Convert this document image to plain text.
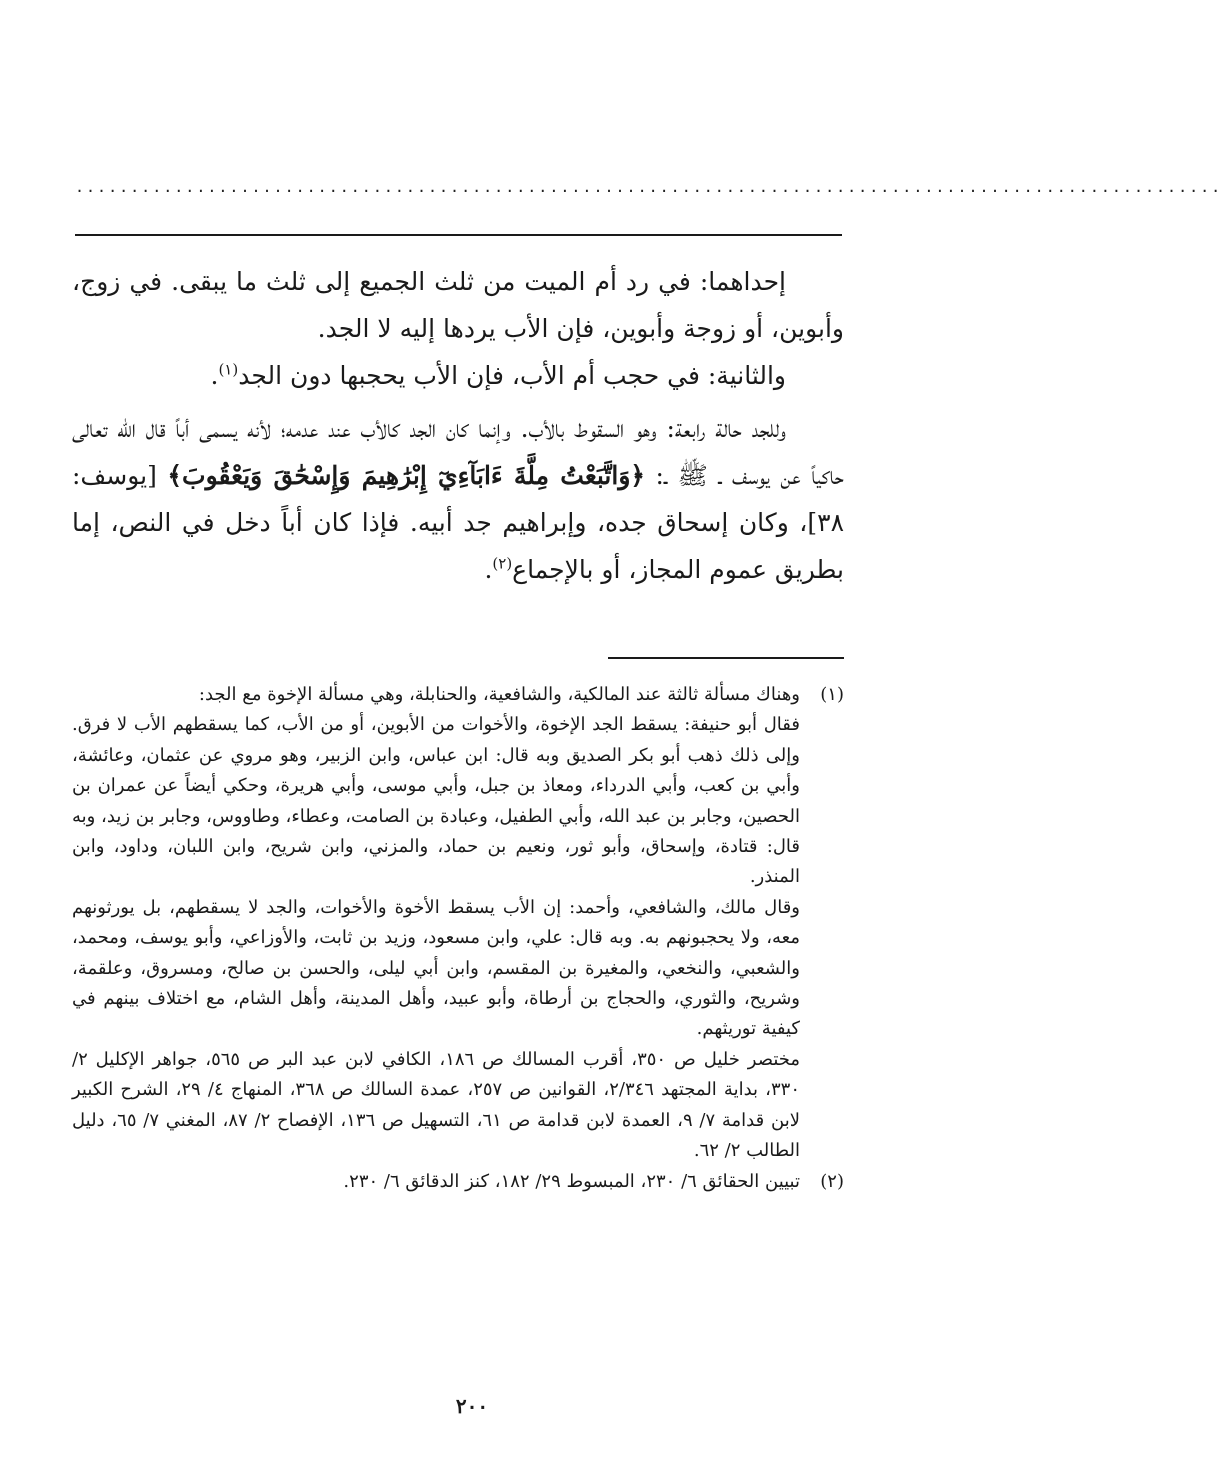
........................................................................................................

إحداهما: في رد أم الميت من ثلث الجميع إلى ثلث ما يبقى. في زوج، وأبوين، أو زوجة وأبوين، فإن الأب يردها إليه لا الجد.

والثانية: في حجب أم الأب، فإن الأب يحجبها دون الجد$^{(١)}$.

وللجد حالة رابعة: وهو السقوط بالأب. وإنما كان الجد كالأب عند عدمه؛ لأنه يسمى أباً قال الله تعالى حاكياً عن يوسف ـ ﷺ ـ: ﴿وَاتَّبَعْتُ مِلَّةَ ءَابَآءِيٓ إِبْرَٰهِيمَ وَإِسْحَٰقَ وَيَعْقُوبَ﴾ [يوسف: ٣٨]، وكان إسحاق جده، وإبراهيم جد أبيه. فإذا كان أباً دخل في النص، إما بطريق عموم المجاز، أو بالإجماع$^{(٢)}$.

(١)

وهناك مسألة ثالثة عند المالكية، والشافعية، والحنابلة، وهي مسألة الإخوة مع الجد:

فقال أبو حنيفة: يسقط الجد الإخوة، والأخوات من الأبوين، أو من الأب، كما يسقطهم الأب لا فرق. وإلى ذلك ذهب أبو بكر الصديق وبه قال: ابن عباس، وابن الزبير، وهو مروي عن عثمان، وعائشة، وأبي بن كعب، وأبي الدرداء، ومعاذ بن جبل، وأبي موسى، وأبي هريرة، وحكي أيضاً عن عمران بن الحصين، وجابر بن عبد الله، وأبي الطفيل، وعبادة بن الصامت، وعطاء، وطاووس، وجابر بن زيد، وبه قال: قتادة، وإسحاق، وأبو ثور، ونعيم بن حماد، والمزني، وابن شريح، وابن اللبان، وداود، وابن المنذر.

وقال مالك، والشافعي، وأحمد: إن الأب يسقط الأخوة والأخوات، والجد لا يسقطهم، بل يورثونهم معه، ولا يحجبونهم به. وبه قال: علي، وابن مسعود، وزيد بن ثابت، والأوزاعي، وأبو يوسف، ومحمد، والشعبي، والنخعي، والمغيرة بن المقسم، وابن أبي ليلى، والحسن بن صالح، ومسروق، وعلقمة، وشريح، والثوري، والحجاج بن أرطاة، وأبو عبيد، وأهل المدينة، وأهل الشام، مع اختلاف بينهم في كيفية توريثهم.

مختصر خليل ص ٣٥٠، أقرب المسالك ص ١٨٦، الكافي لابن عبد البر ص ٥٦٥، جواهر الإكليل ٢/ ٣٣٠، بداية المجتهد ٢/٣٤٦، القوانين ص ٢٥٧، عمدة السالك ص ٣٦٨، المنهاج ٤/ ٢٩، الشرح الكبير لابن قدامة ٧/ ٩، العمدة لابن قدامة ص ٦١، التسهيل ص ١٣٦، الإفصاح ٢/ ٨٧، المغني ٧/ ٦٥، دليل الطالب ٢/ ٦٢.

(٢)

تبيين الحقائق ٦/ ٢٣٠، المبسوط ٢٩/ ١٨٢، كنز الدقائق ٦/ ٢٣٠.

٢٠٠
